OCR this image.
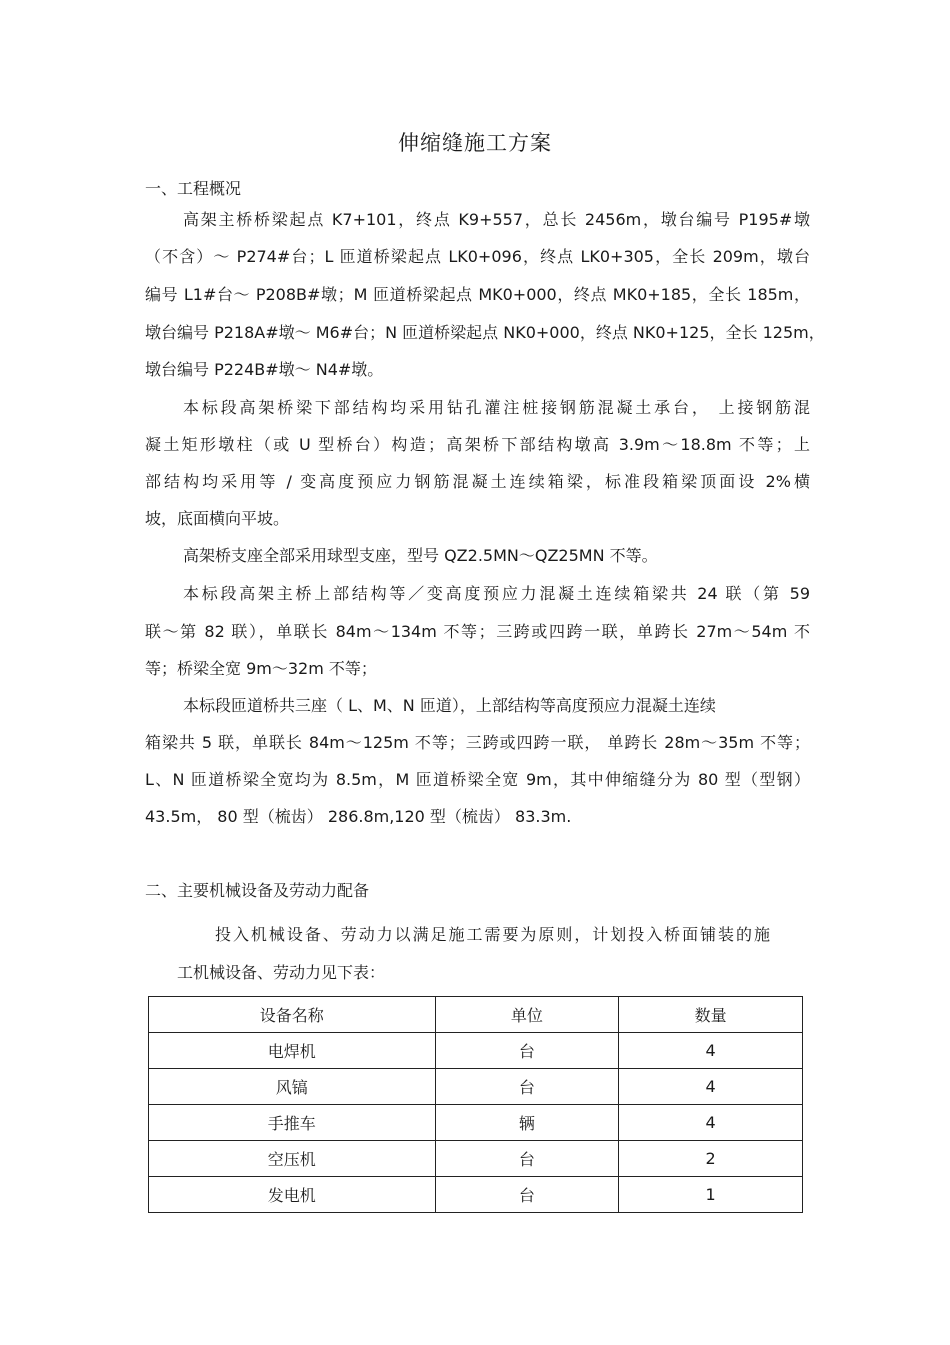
伸缩缝施工方案
一、工程概况
高架主桥桥梁起点 K7+101，终点 K9+557，总长 2456m，墩台编号 P195#墩
（不含）～ P274#台；L 匝道桥梁起点 LK0+096，终点 LK0+305，全长 209m，墩台
编号 L1#台～ P208B#墩；M 匝道桥梁起点 MK0+000，终点 MK0+185，全长 185m，
墩台编号 P218A#墩～ M6#台；N 匝道桥梁起点 NK0+000，终点 NK0+125，全长 125m，
墩台编号 P224B#墩～ N4#墩。
本标段高架桥梁下部结构均采用钻孔灌注桩接钢筋混凝土承台， 上接钢筋混
凝土矩形墩柱（或 U 型桥台）构造；高架桥下部结构墩高 3.9m～18.8m 不等；上
部结构均采用等 / 变高度预应力钢筋混凝土连续箱梁，标准段箱梁顶面设 2%横
坡，底面横向平坡。
高架桥支座全部采用球型支座，型号 QZ2.5MN～QZ25MN 不等。
本标段高架主桥上部结构等／变高度预应力混凝土连续箱梁共 24 联（第 59
联～第 82 联），单联长 84m～134m 不等；三跨或四跨一联，单跨长 27m～54m 不
等；桥梁全宽 9m～32m 不等；
本标段匝道桥共三座（ L、M、N 匝道），上部结构等高度预应力混凝土连续
箱梁共 5 联，单联长 84m～125m 不等；三跨或四跨一联， 单跨长 28m～35m 不等；
L、N 匝道桥梁全宽均为 8.5m，M 匝道桥梁全宽 9m，其中伸缩缝分为 80 型（型钢）
43.5m， 80 型（梳齿） 286.8m,120 型（梳齿） 83.3m.
二、主要机械设备及劳动力配备
投入机械设备、劳动力以满足施工需要为原则，计划投入桥面铺装的施
工机械设备、劳动力见下表：
设备名称	单位	数量
电焊机	台	4
风镐	台	4
手推车	辆	4
空压机	台	2
发电机	台	1
